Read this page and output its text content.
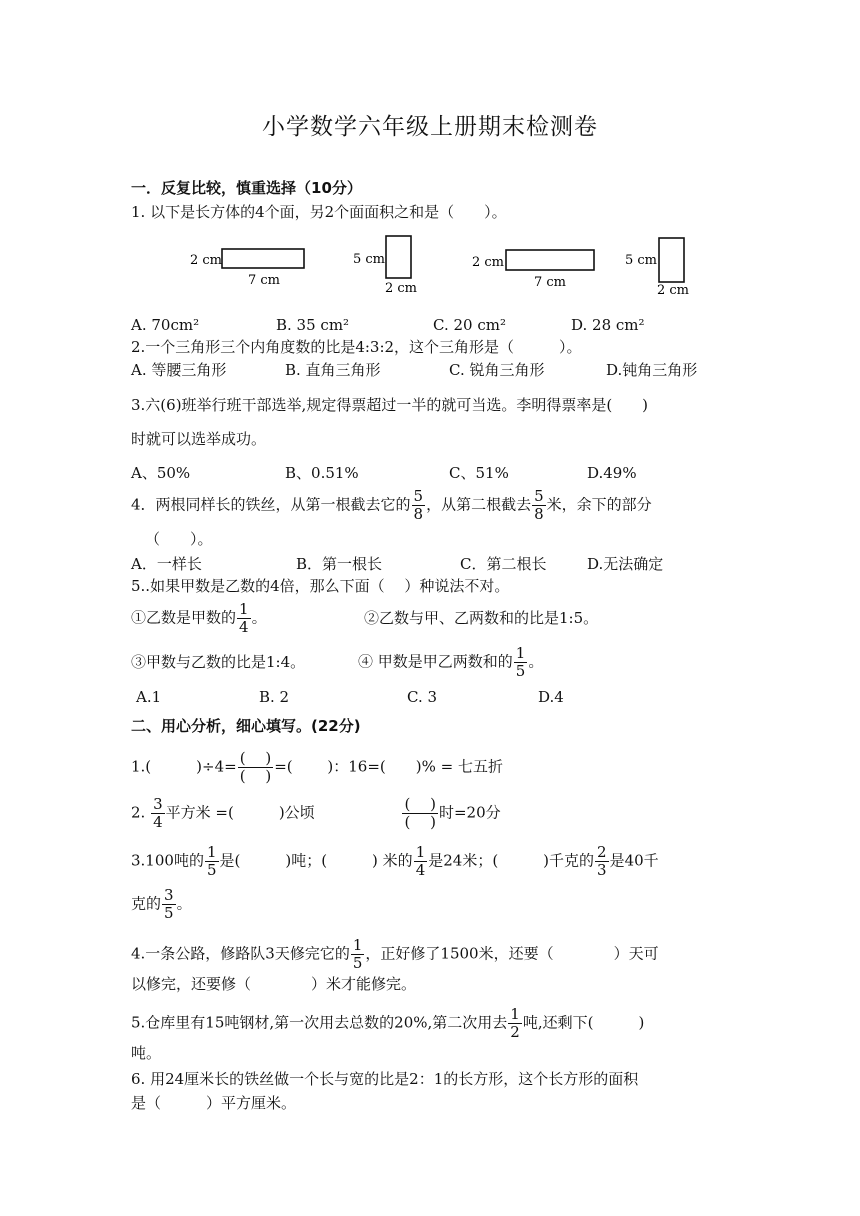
小学数学六年级上册期末检测卷
一．反复比较，慎重选择（10分）
1. 以下是长方体的4个面，另2个面面积之和是（　　）。
2 cm
7 cm
5 cm
2 cm
2 cm
7 cm
5 cm
2 cm
A. 70cm²	B. 35 cm²	C. 20 cm²	D. 28 cm²
2.一个三角形三个内角度数的比是4:3:2，这个三角形是（　　　）。
A. 等腰三角形	B. 直角三角形	C. 锐角三角形	D.钝角三角形
3.六(6)班举行班干部选举,规定得票超过一半的就可当选。李明得票率是(　　)
时就可以选举成功。
A、50%	B、0.51%	C、51%	D.49%
4．两根同样长的铁丝，从第一根截去它的 $\frac{5}{8}$ ，从第二根截去 $\frac{5}{8}$ 米，余下的部分
（　　）。
A．一样长	B．第一根长	C．第二根长	D.无法确定
5..如果甲数是乙数的4倍，那么下面（　 ）种说法不对。
①乙数是甲数的 $\frac{1}{4}$ 。	②乙数与甲、乙两数和的比是1:5。
③甲数与乙数的比是1:4。	④ 甲数是甲乙两数和的 $\frac{1}{5}$ 。
A.1	B. 2	C. 3	D.4
二、用心分析，细心填写。(22分)
1.(　　　)$\div 4= \frac{( )}{( )}$ =(　　 )：16=(　　)% = 七五折
2. $\frac{3}{4}$ 平方米 =(　　　)公顷	$\frac{( )}{( )}$ 时=20分
3.100吨的 $\frac{1}{5}$ 是(　　　)吨；(　　　) 米的 $\frac{1}{4}$ 是24米；(　　　)千克的 $\frac{2}{3}$ 是40千
克的 $\frac{3}{5}$ 。
4.一条公路，修路队3天修完它的 $\frac{1}{5}$ ，正好修了1500米，还要（　　　　）天可
以修完，还要修（　　　　）米才能修完。
5.仓库里有15吨钢材,第一次用去总数的20%,第二次用去 $\frac{1}{2}$ 吨,还剩下(　　　)
吨。
6. 用24厘米长的铁丝做一个长与宽的比是2：1的长方形，这个长方形的面积
是（　　　）平方厘米。
